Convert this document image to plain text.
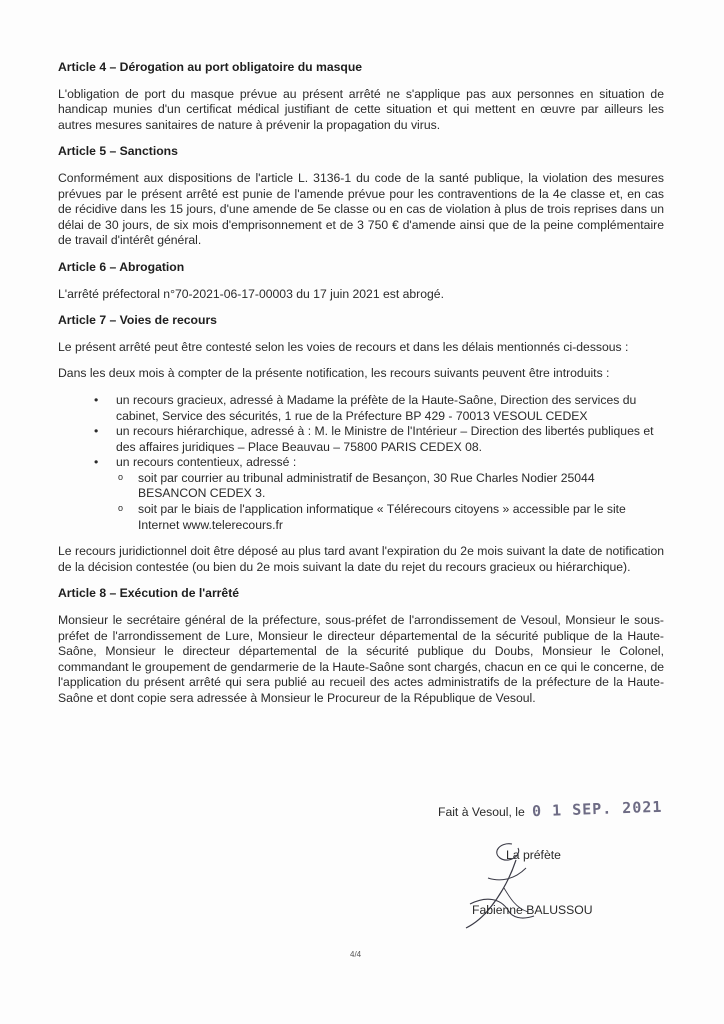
Article 4 – Dérogation au port obligatoire du masque

L'obligation de port du masque prévue au présent arrêté ne s'applique pas aux personnes en situation de handicap munies d'un certificat médical justifiant de cette situation et qui mettent en œuvre par ailleurs les autres mesures sanitaires de nature à prévenir la propagation du virus.

Article 5 – Sanctions

Conformément aux dispositions de l'article L. 3136-1 du code de la santé publique, la violation des mesures prévues par le présent arrêté est punie de l'amende prévue pour les contraventions de la 4e classe et, en cas de récidive dans les 15 jours, d'une amende de 5e classe ou en cas de violation à plus de trois reprises dans un délai de 30 jours, de six mois d'emprisonnement et de 3 750 € d'amende ainsi que de la peine complémentaire de travail d'intérêt général.

Article 6 – Abrogation

L'arrêté préfectoral n°70-2021-06-17-00003 du 17 juin 2021 est abrogé.

Article 7 – Voies de recours

Le présent arrêté peut être contesté selon les voies de recours et dans les délais mentionnés ci-dessous :

Dans les deux mois à compter de la présente notification, les recours suivants peuvent être introduits :

• un recours gracieux, adressé à Madame la préfète de la Haute-Saône, Direction des services du cabinet, Service des sécurités, 1 rue de la Préfecture BP 429 - 70013 VESOUL CEDEX
• un recours hiérarchique, adressé à : M. le Ministre de l'Intérieur – Direction des libertés publiques et des affaires juridiques – Place Beauvau – 75800 PARIS CEDEX 08.
• un recours contentieux, adressé :
o soit par courrier au tribunal administratif de Besançon, 30 Rue Charles Nodier 25044 BESANCON CEDEX 3.
o soit par le biais de l'application informatique « Télérecours citoyens » accessible par le site Internet www.telerecours.fr

Le recours juridictionnel doit être déposé au plus tard avant l'expiration du 2e mois suivant la date de notification de la décision contestée (ou bien du 2e mois suivant la date du rejet du recours gracieux ou hiérarchique).

Article 8 – Exécution de l'arrêté

Monsieur le secrétaire général de la préfecture, sous-préfet de l'arrondissement de Vesoul, Monsieur le sous-préfet de l'arrondissement de Lure, Monsieur le directeur départemental de la sécurité publique de la Haute-Saône, Monsieur le directeur départemental de la sécurité publique du Doubs, Monsieur le Colonel, commandant le groupement de gendarmerie de la Haute-Saône sont chargés, chacun en ce qui le concerne, de l'application du présent arrêté qui sera publié au recueil des actes administratifs de la préfecture de la Haute-Saône et dont copie sera adressée à Monsieur le Procureur de la République de Vesoul.

Fait à Vesoul, le 0 1 SEP. 2021
La préfète
Fabienne BALUSSOU
4/4
